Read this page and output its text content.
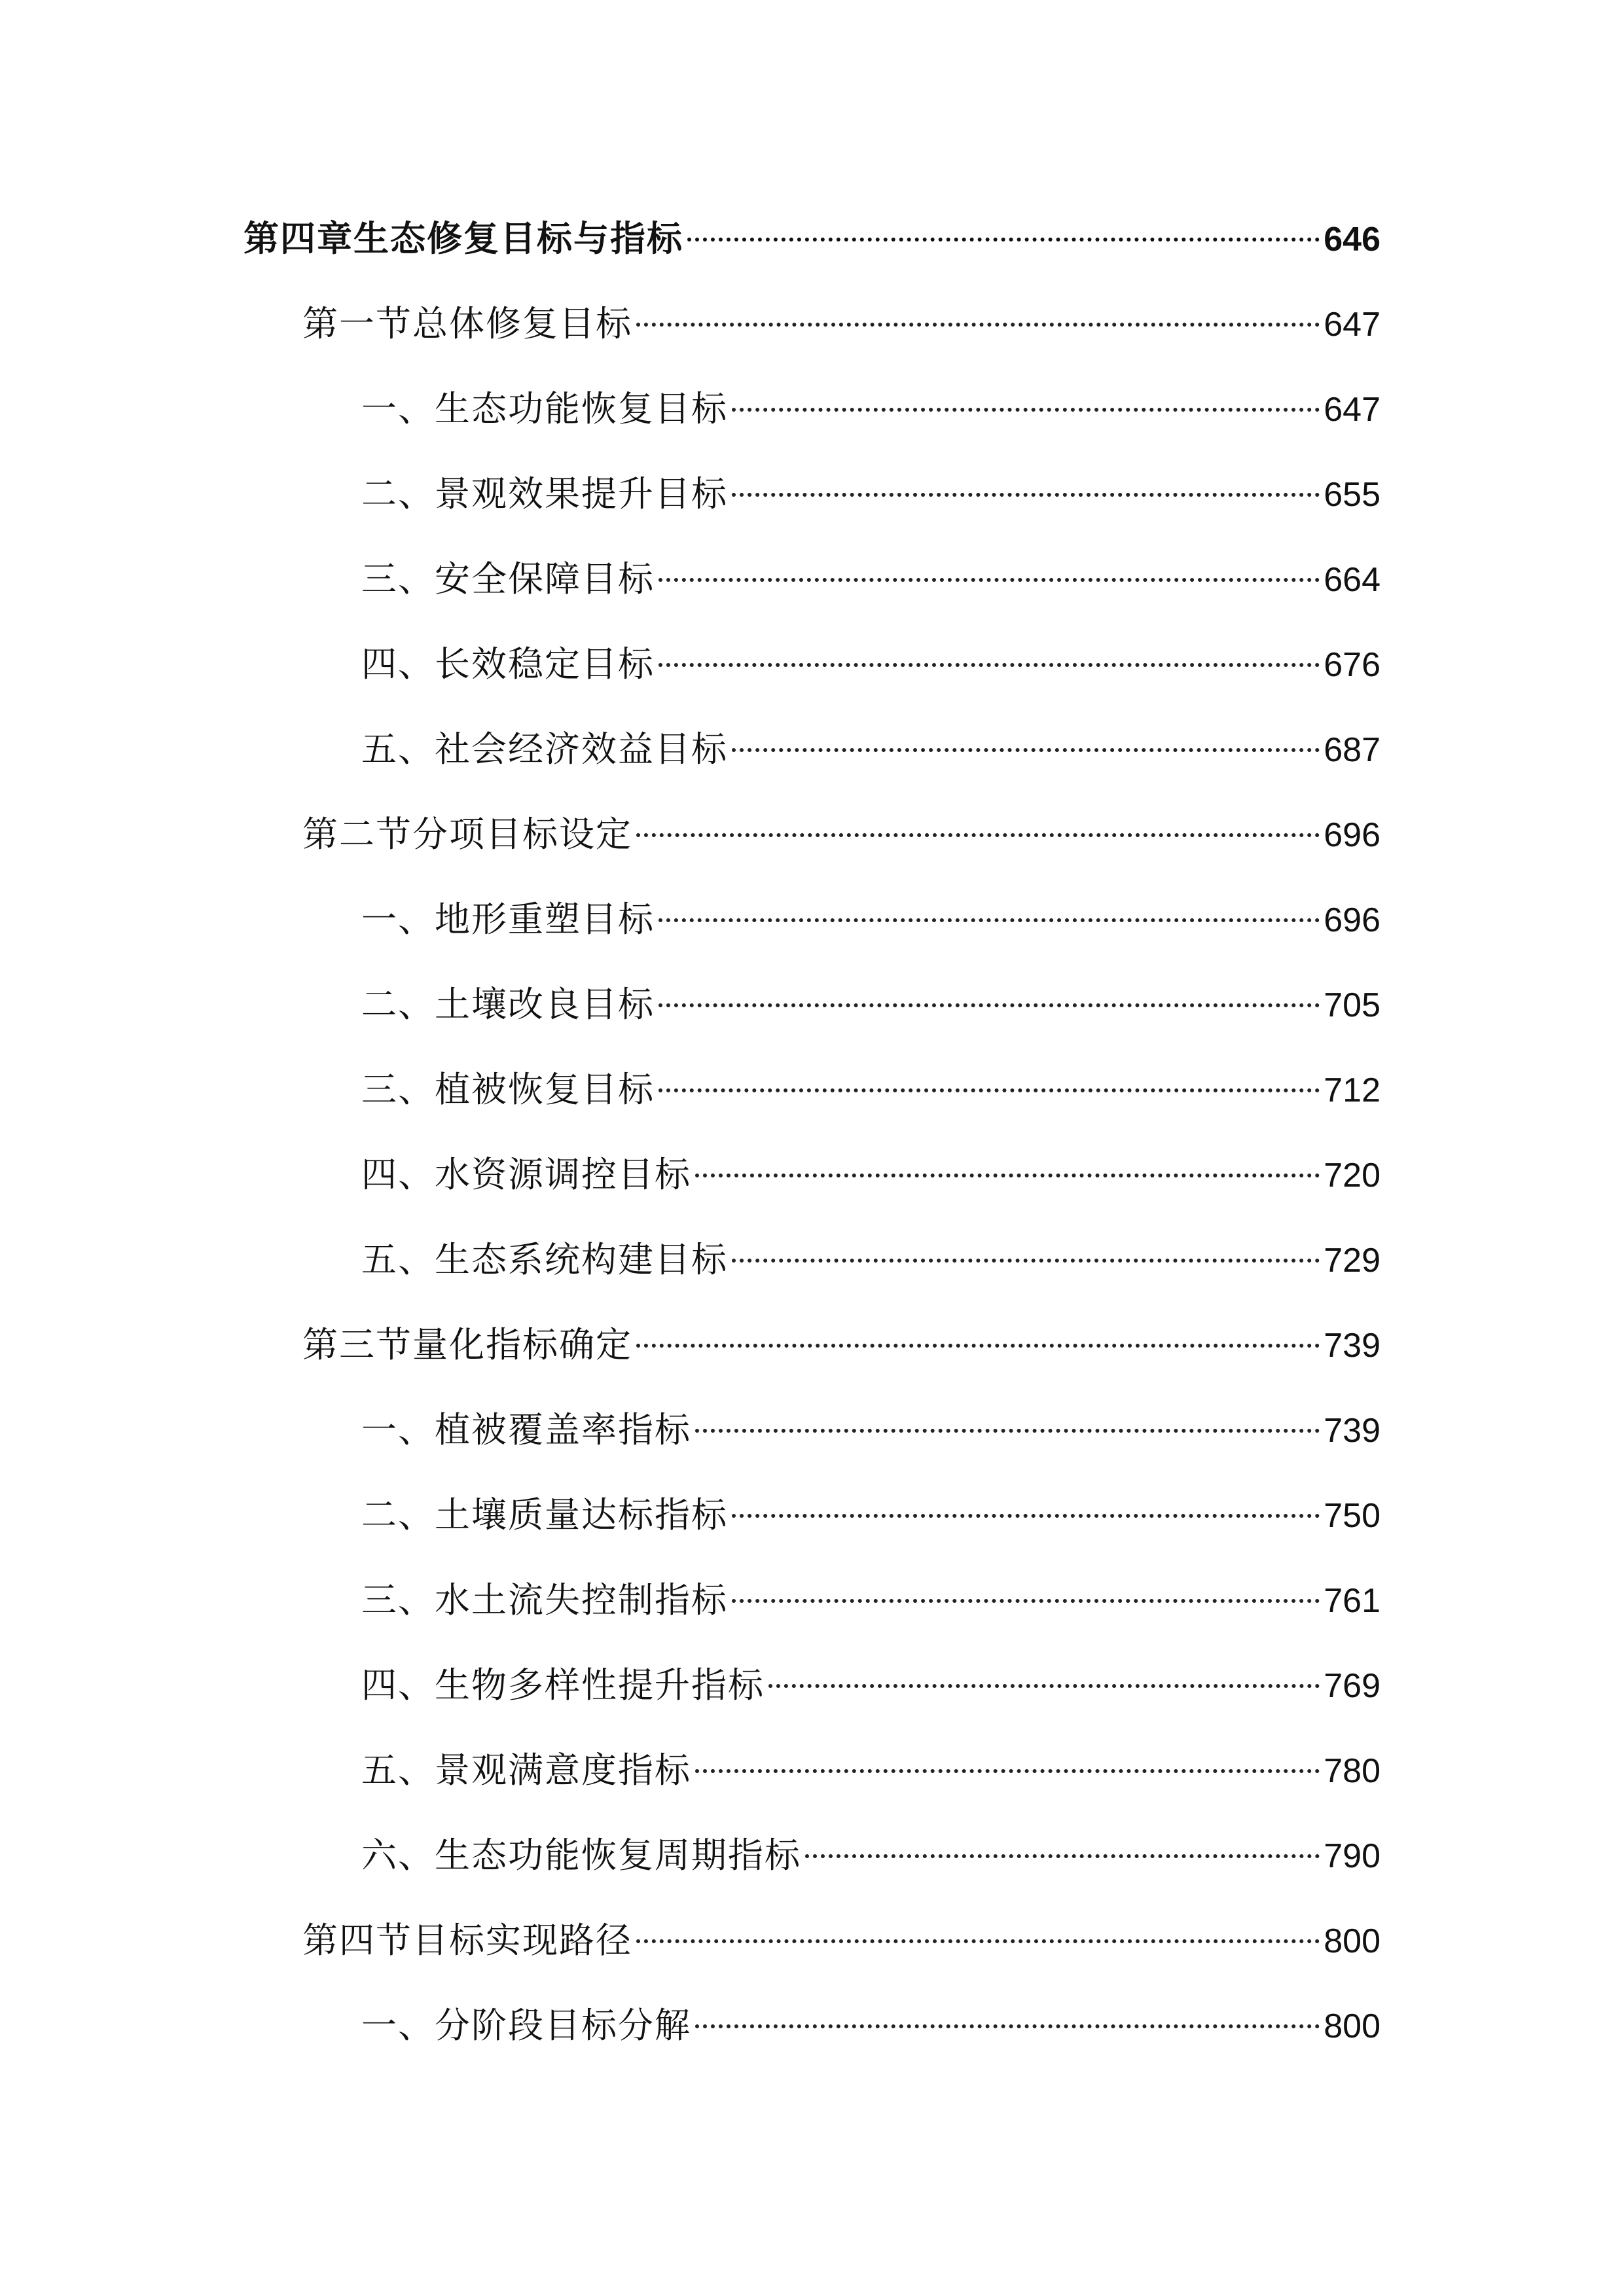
第四章生态修复目标与指标	646
第一节总体修复目标	647
一、生态功能恢复目标	647
二、景观效果提升目标	655
三、安全保障目标	664
四、长效稳定目标	676
五、社会经济效益目标	687
第二节分项目标设定	696
一、地形重塑目标	696
二、土壤改良目标	705
三、植被恢复目标	712
四、水资源调控目标	720
五、生态系统构建目标	729
第三节量化指标确定	739
一、植被覆盖率指标	739
二、土壤质量达标指标	750
三、水土流失控制指标	761
四、生物多样性提升指标	769
五、景观满意度指标	780
六、生态功能恢复周期指标	790
第四节目标实现路径	800
一、分阶段目标分解	800
